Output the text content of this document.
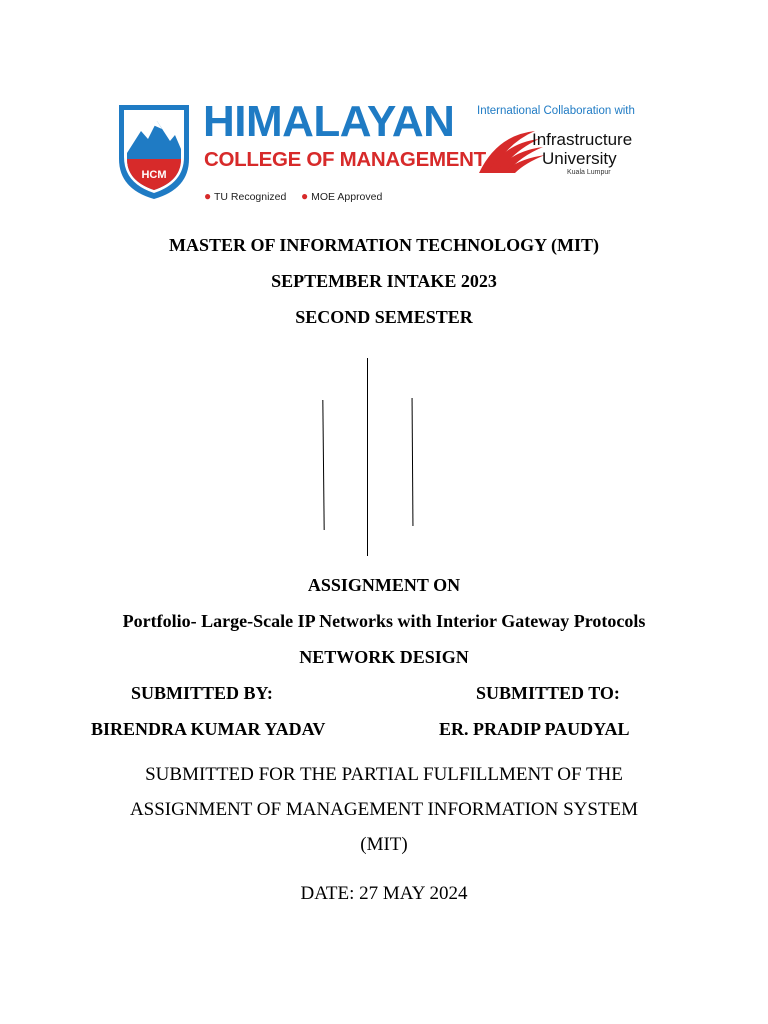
HCM
HIMALAYAN
COLLEGE OF MANAGEMENT
● TU Recognized ● MOE Approved
International Collaboration with
Infrastructure
University
Kuala Lumpur
MASTER OF INFORMATION TECHNOLOGY (MIT)
SEPTEMBER INTAKE 2023
SECOND SEMESTER
ASSIGNMENT ON
Portfolio- Large-Scale IP Networks with Interior Gateway Protocols
NETWORK DESIGN
SUBMITTED BY:	SUBMITTED TO:
BIRENDRA KUMAR YADAV	ER. PRADIP PAUDYAL
SUBMITTED FOR THE PARTIAL FULFILLMENT OF THE
ASSIGNMENT OF MANAGEMENT INFORMATION SYSTEM
(MIT)
DATE: 27 MAY 2024
